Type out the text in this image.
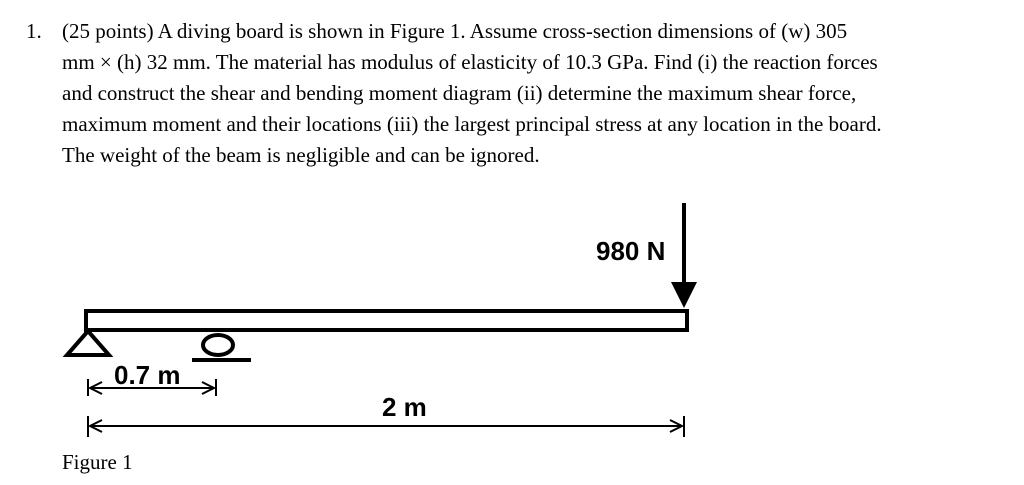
1. (25 points) A diving board is shown in Figure 1. Assume cross-section dimensions of (w) 305
mm × (h) 32 mm. The material has modulus of elasticity of 10.3 GPa. Find (i) the reaction forces
and construct the shear and bending moment diagram (ii) determine the maximum shear force,
maximum moment and their locations (iii) the largest principal stress at any location in the board.
The weight of the beam is negligible and can be ignored.
980 N
0.7 m
2 m
Figure 1
